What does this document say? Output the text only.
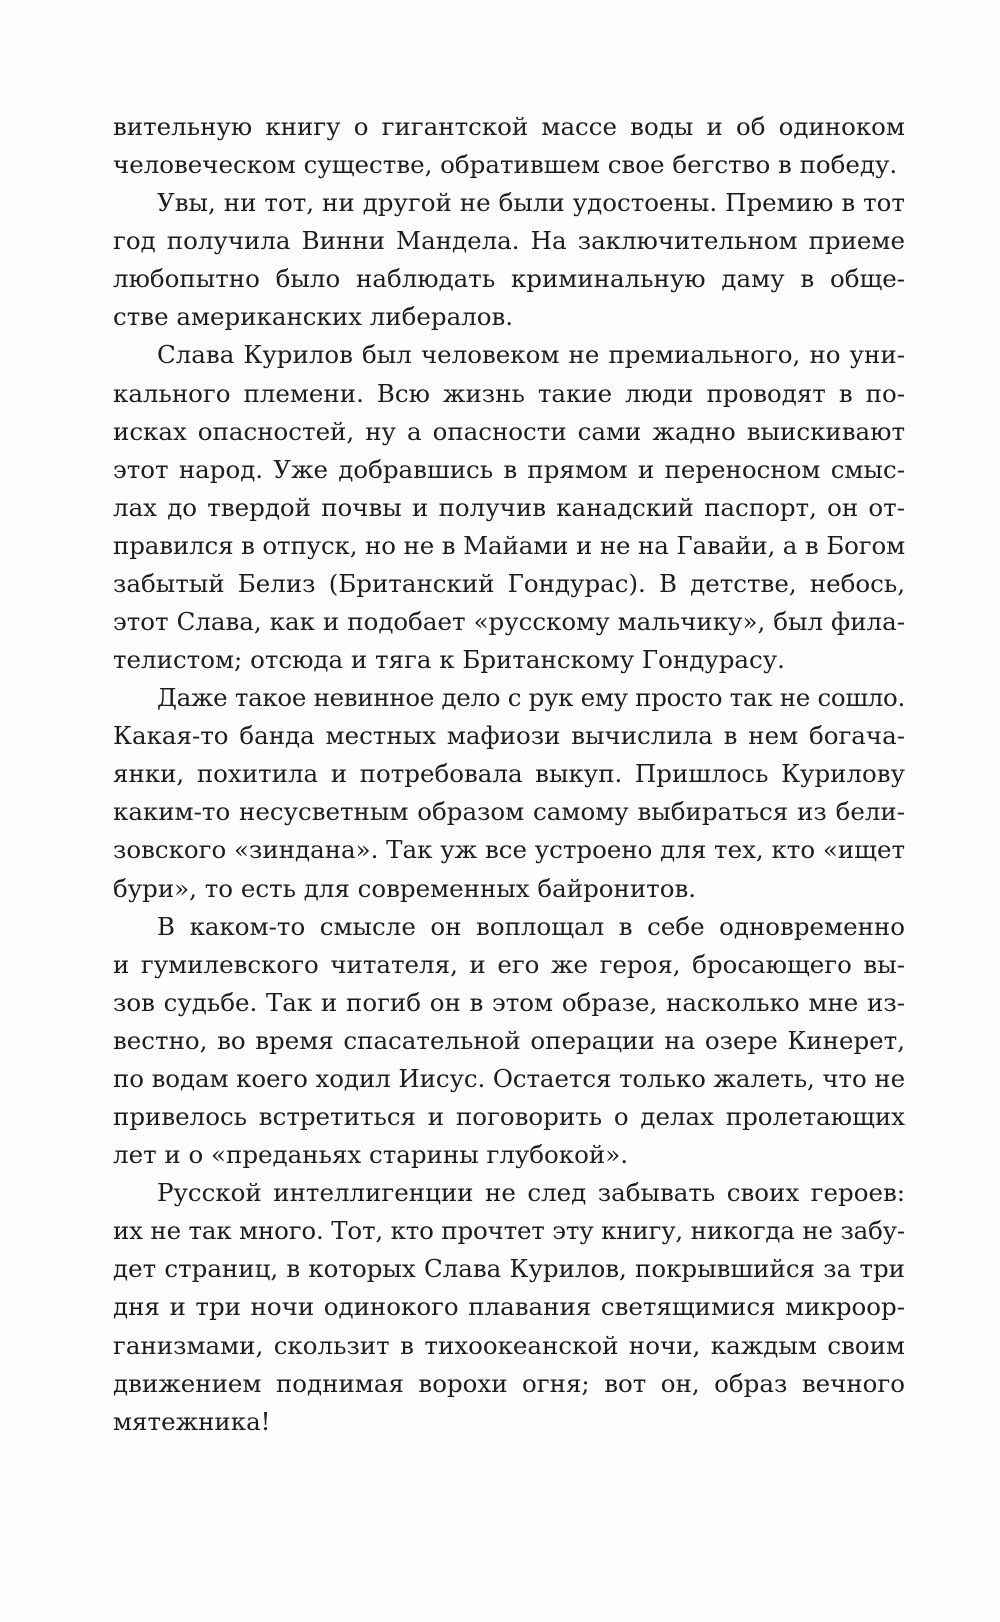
вительную книгу о гигантской массе воды и об одиноком
человеческом существе, обратившем свое бегство в победу.
Увы, ни тот, ни другой не были удостоены. Премию в тот
год получила Винни Мандела. На заключительном приеме
любопытно было наблюдать криминальную даму в обще-
стве американских либералов.
Слава Курилов был человеком не премиального, но уни-
кального племени. Всю жизнь такие люди проводят в по-
исках опасностей, ну а опасности сами жадно выискивают
этот народ. Уже добравшись в прямом и переносном смыс-
лах до твердой почвы и получив канадский паспорт, он от-
правился в отпуск, но не в Майами и не на Гавайи, а в Богом
забытый Белиз (Британский Гондурас). В детстве, небось,
этот Слава, как и подобает «русскому мальчику», был фила-
телистом; отсюда и тяга к Британскому Гондурасу.
Даже такое невинное дело с рук ему просто так не сошло.
Какая-то банда местных мафиози вычислила в нем богача-
янки, похитила и потребовала выкуп. Пришлось Курилову
каким-то несусветным образом самому выбираться из бели-
зовского «зиндана». Так уж все устроено для тех, кто «ищет
бури», то есть для современных байронитов.
В каком-то смысле он воплощал в себе одновременно
и гумилевского читателя, и его же героя, бросающего вы-
зов судьбе. Так и погиб он в этом образе, насколько мне из-
вестно, во время спасательной операции на озере Кинерет,
по водам коего ходил Иисус. Остается только жалеть, что не
привелось встретиться и поговорить о делах пролетающих
лет и о «преданьях старины глубокой».
Русской интеллигенции не след забывать своих героев:
их не так много. Тот, кто прочтет эту книгу, никогда не забу-
дет страниц, в которых Слава Курилов, покрывшийся за три
дня и три ночи одинокого плавания светящимися микроор-
ганизмами, скользит в тихоокеанской ночи, каждым своим
движением поднимая ворохи огня; вот он, образ вечного
мятежника!
